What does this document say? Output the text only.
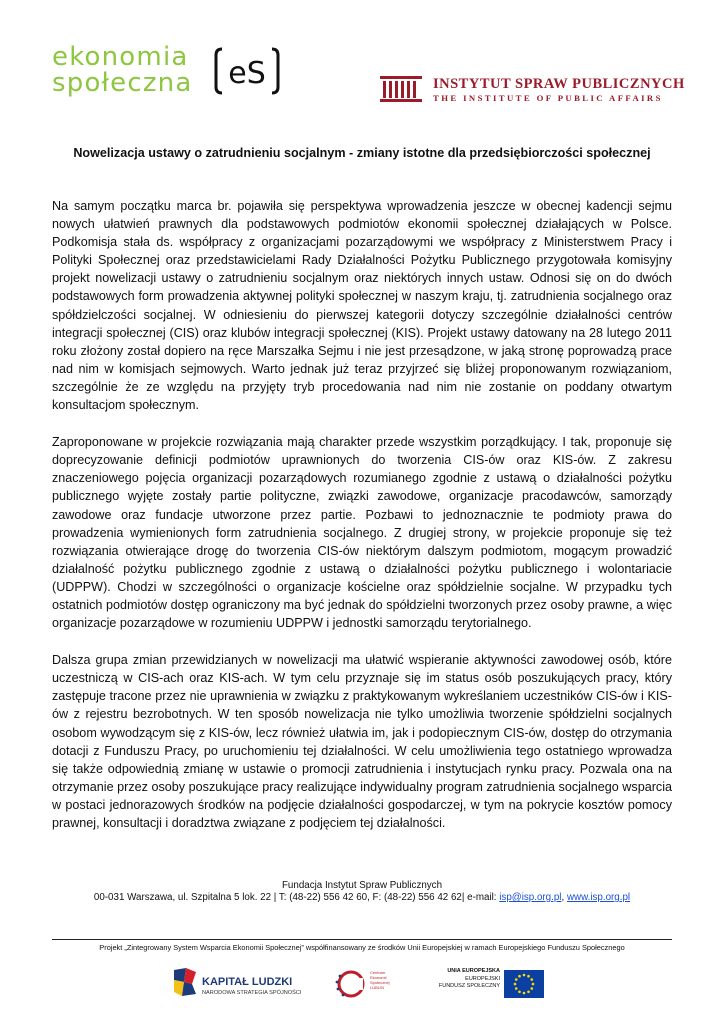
ekonomia
społeczna eS	INSTYTUT SPRAW PUBLICZNYCH
THE INSTITUTE OF PUBLIC AFFAIRS
Nowelizacja ustawy o zatrudnieniu socjalnym - zmiany istotne dla przedsiębiorczości społecznej

Na samym początku marca br. pojawiła się perspektywa wprowadzenia jeszcze w obecnej kadencji sejmu nowych ułatwień prawnych dla podstawowych podmiotów ekonomii społecznej działających w Polsce. Podkomisja stała ds. współpracy z organizacjami pozarządowymi we współpracy z Ministerstwem Pracy i Polityki Społecznej oraz przedstawicielami Rady Działalności Pożytku Publicznego przygotowała komisyjny projekt nowelizacji ustawy o zatrudnieniu socjalnym oraz niektórych innych ustaw. Odnosi się on do dwóch podstawowych form prowadzenia aktywnej polityki społecznej w naszym kraju, tj. zatrudnienia socjalnego oraz spółdzielczości socjalnej. W odniesieniu do pierwszej kategorii dotyczy szczególnie działalności centrów integracji społecznej (CIS) oraz klubów integracji społecznej (KIS). Projekt ustawy datowany na 28 lutego 2011 roku złożony został dopiero na ręce Marszałka Sejmu i nie jest przesądzone, w jaką stronę poprowadzą prace nad nim w komisjach sejmowych. Warto jednak już teraz przyjrzeć się bliżej proponowanym rozwiązaniom, szczególnie że ze względu na przyjęty tryb procedowania nad nim nie zostanie on poddany otwartym konsultacjom społecznym.

Zaproponowane w projekcie rozwiązania mają charakter przede wszystkim porządkujący. I tak, proponuje się doprecyzowanie definicji podmiotów uprawnionych do tworzenia CIS-ów oraz KIS-ów. Z zakresu znaczeniowego pojęcia organizacji pozarządowych rozumianego zgodnie z ustawą o działalności pożytku publicznego wyjęte zostały partie polityczne, związki zawodowe, organizacje pracodawców, samorządy zawodowe oraz fundacje utworzone przez partie. Pozbawi to jednoznacznie te podmioty prawa do prowadzenia wymienionych form zatrudnienia socjalnego. Z drugiej strony, w projekcie proponuje się też rozwiązania otwierające drogę do tworzenia CIS-ów niektórym dalszym podmiotom, mogącym prowadzić działalność pożytku publicznego zgodnie z ustawą o działalności pożytku publicznego i wolontariacie (UDPPW). Chodzi w szczególności o organizacje kościelne oraz spółdzielnie socjalne. W przypadku tych ostatnich podmiotów dostęp ograniczony ma być jednak do spółdzielni tworzonych przez osoby prawne, a więc organizacje pozarządowe w rozumieniu UDPPW i jednostki samorządu terytorialnego.

Dalsza grupa zmian przewidzianych w nowelizacji ma ułatwić wspieranie aktywności zawodowej osób, które uczestniczą w CIS-ach oraz KIS-ach. W tym celu przyznaje się im status osób poszukujących pracy, który zastępuje tracone przez nie uprawnienia w związku z praktykowanym wykreślaniem uczestników CIS-ów i KIS-ów z rejestru bezrobotnych. W ten sposób nowelizacja nie tylko umożliwia tworzenie spółdzielni socjalnych osobom wywodzącym się z KIS-ów, lecz również ułatwia im, jak i podopiecznym CIS-ów, dostęp do otrzymania dotacji z Funduszu Pracy, po uruchomieniu tej działalności. W celu umożliwienia tego ostatniego wprowadza się także odpowiednią zmianę w ustawie o promocji zatrudnienia i instytucjach rynku pracy. Pozwala ona na otrzymanie przez osoby poszukujące pracy realizujące indywidualny program zatrudnienia socjalnego wsparcia w postaci jednorazowych środków na podjęcie działalności gospodarczej, w tym na pokrycie kosztów pomocy prawnej, konsultacji i doradztwa związane z podjęciem tej działalności.

Fundacja Instytut Spraw Publicznych
00-031 Warszawa, ul. Szpitalna 5 lok. 22 | T: (48-22) 556 42 60, F: (48-22) 556 42 62| e-mail: isp@isp.org.pl, www.isp.org.pl
Projekt „Zintegrowany System Wsparcia Ekonomii Społecznej” współfinansowany ze środków Unii Europejskiej w ramach Europejskiego Funduszu Społecznego
KAPITAŁ LUDZKI
NARODOWA STRATEGIA SPÓJNOŚCI
Centrum
Ekonomii
Społecznej
LUBLIN
UNIA EUROPEJSKA
EUROPEJSKI
FUNDUSZ SPOŁECZNY
